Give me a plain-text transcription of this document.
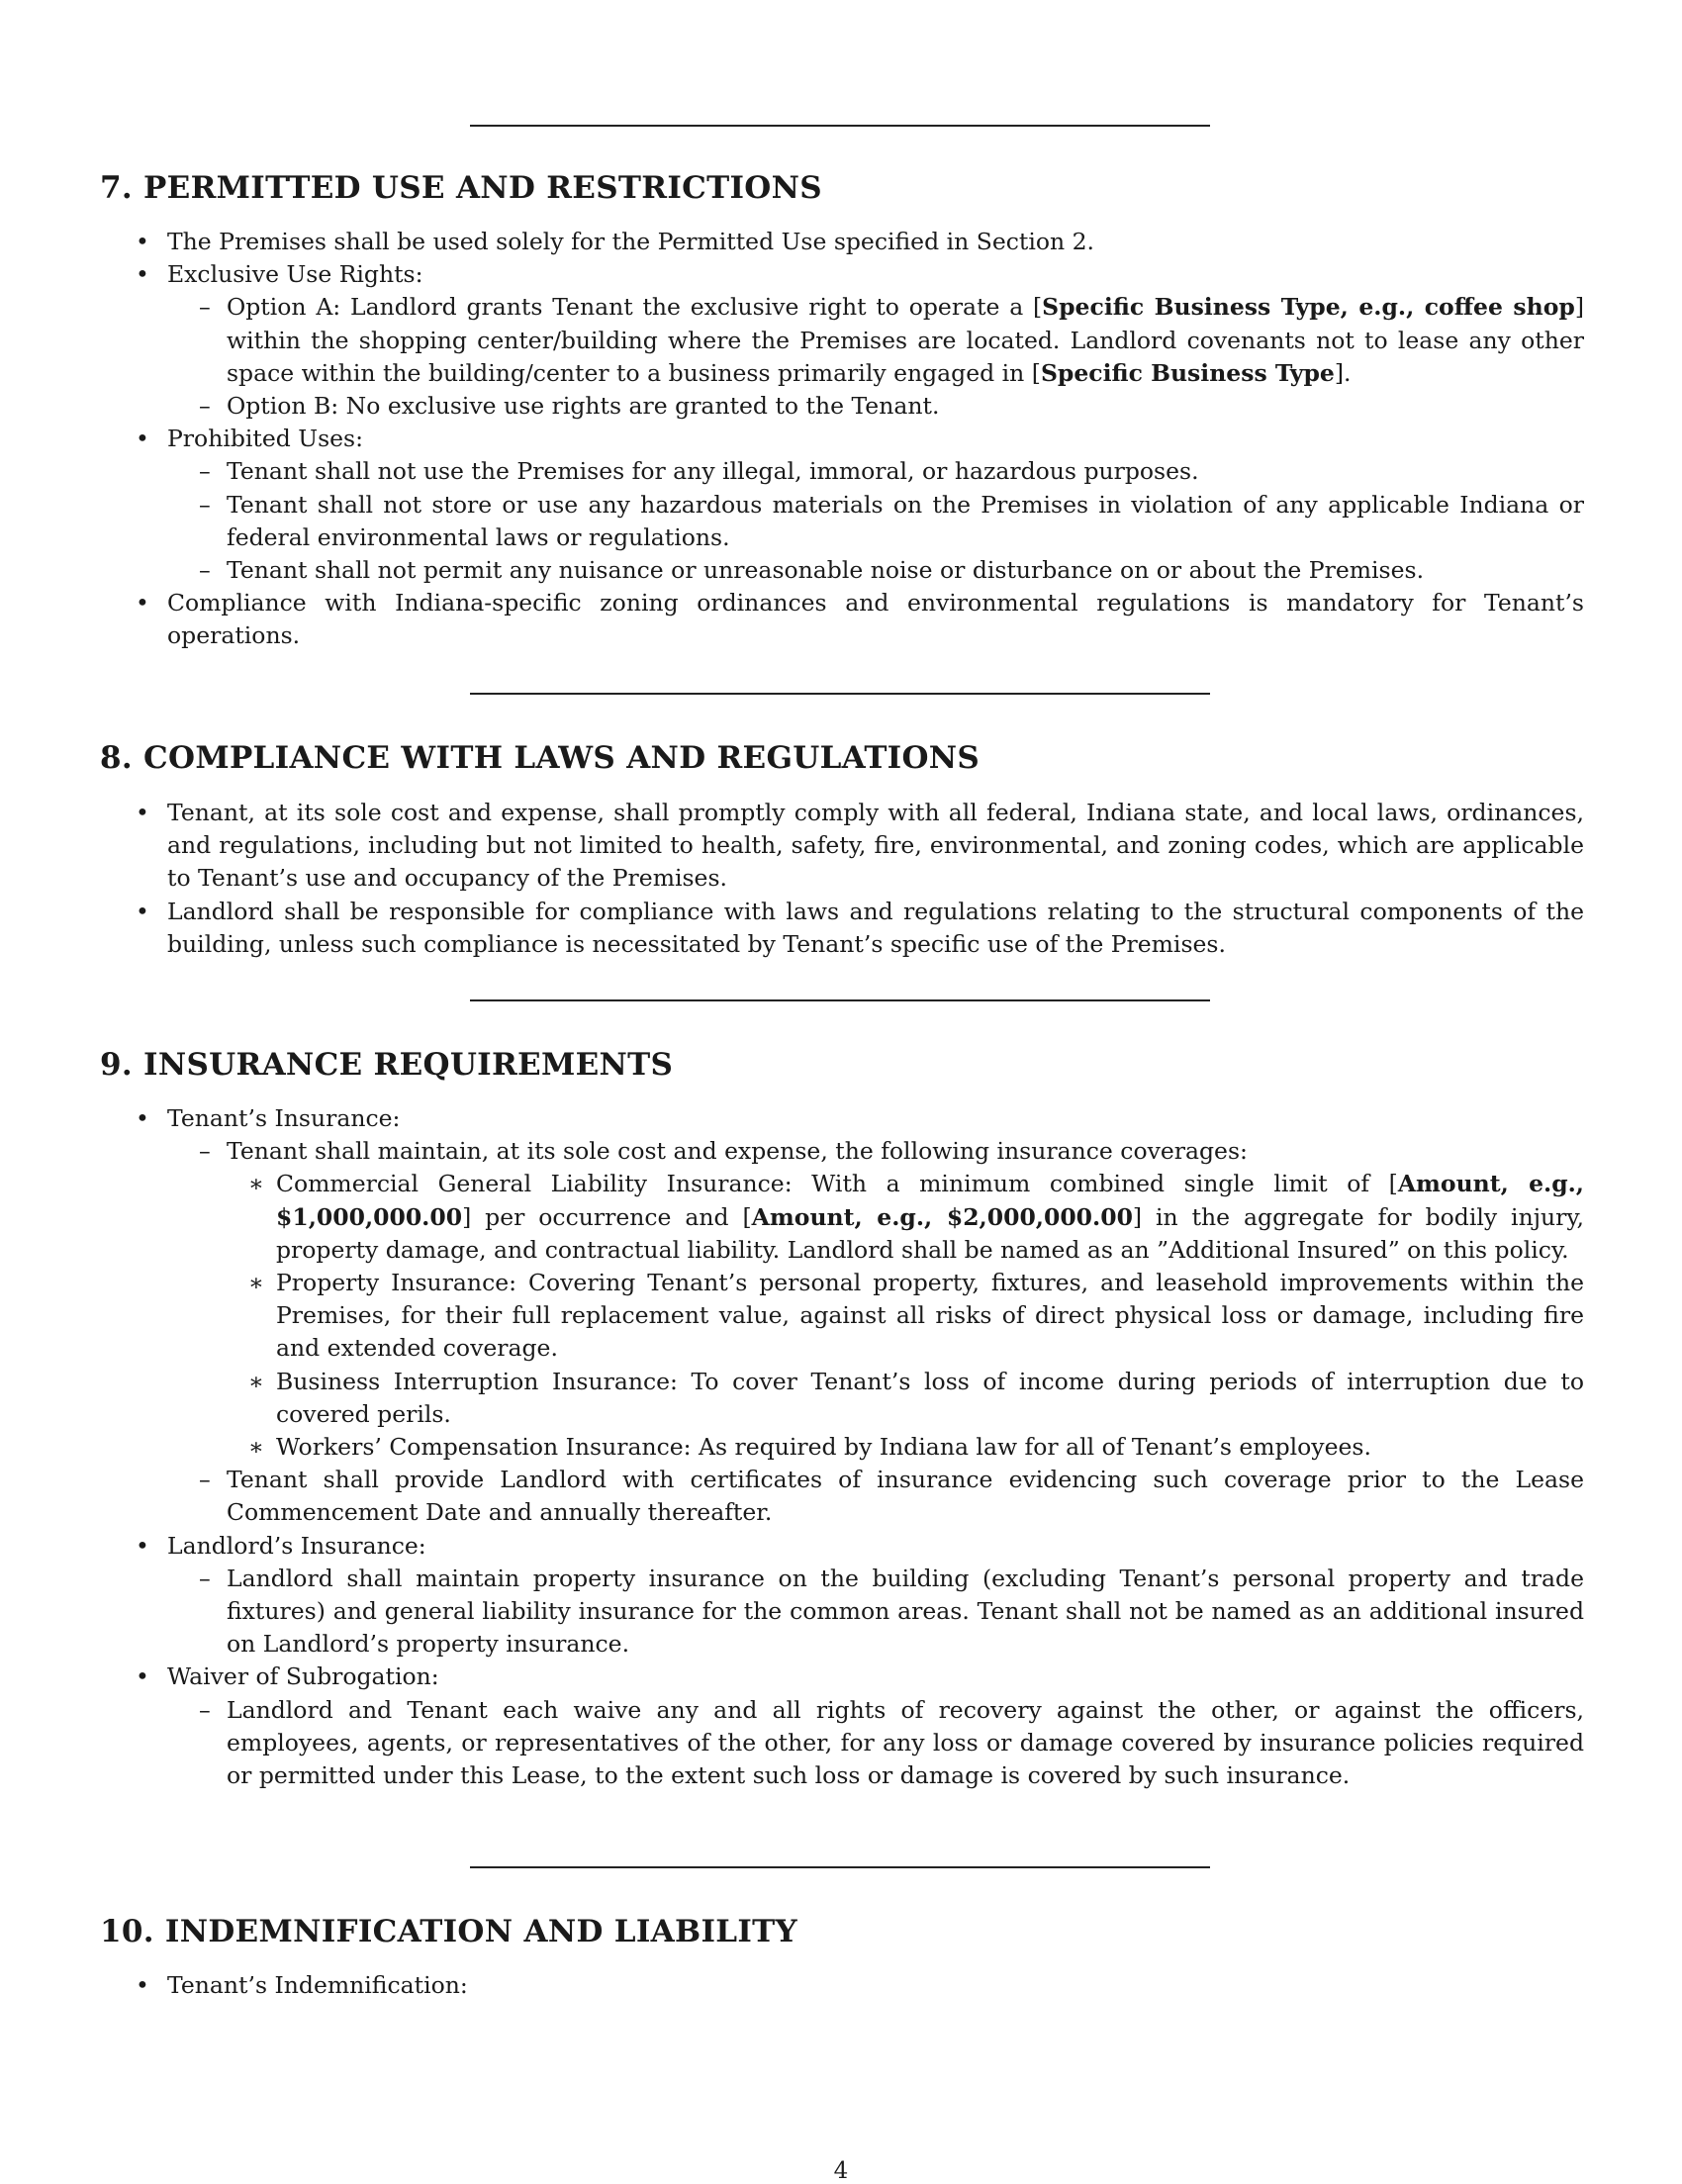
7. PERMITTED USE AND RESTRICTIONS
• The Premises shall be used solely for the Permitted Use specified in Section 2.
• Exclusive Use Rights:
– Option A: Landlord grants Tenant the exclusive right to operate a [Specific Business Type, e.g., coffee shop] within the shopping center/building where the Premises are located. Landlord covenants not to lease any other space within the building/center to a business primarily engaged in [Specific Business Type].
– Option B: No exclusive use rights are granted to the Tenant.
• Prohibited Uses:
– Tenant shall not use the Premises for any illegal, immoral, or hazardous purposes.
– Tenant shall not store or use any hazardous materials on the Premises in violation of any applicable Indiana or federal environmental laws or regulations.
– Tenant shall not permit any nuisance or unreasonable noise or disturbance on or about the Premises.
• Compliance with Indiana-specific zoning ordinances and environmental regulations is mandatory for Tenant’s operations.
8. COMPLIANCE WITH LAWS AND REGULATIONS
• Tenant, at its sole cost and expense, shall promptly comply with all federal, Indiana state, and local laws, ordinances, and regulations, including but not limited to health, safety, fire, environmental, and zoning codes, which are applicable to Tenant’s use and occupancy of the Premises.
• Landlord shall be responsible for compliance with laws and regulations relating to the structural components of the building, unless such compliance is necessitated by Tenant’s specific use of the Premises.
9. INSURANCE REQUIREMENTS
• Tenant’s Insurance:
– Tenant shall maintain, at its sole cost and expense, the following insurance coverages:
∗ Commercial General Liability Insurance: With a minimum combined single limit of [Amount, e.g., $1,000,000.00] per occurrence and [Amount, e.g., $2,000,000.00] in the aggregate for bodily injury, property damage, and contractual liability. Landlord shall be named as an ”Additional Insured” on this policy.
∗ Property Insurance: Covering Tenant’s personal property, fixtures, and leasehold improvements within the Premises, for their full replacement value, against all risks of direct physical loss or damage, including fire and extended coverage.
∗ Business Interruption Insurance: To cover Tenant’s loss of income during periods of interruption due to covered perils.
∗ Workers’ Compensation Insurance: As required by Indiana law for all of Tenant’s employees.
– Tenant shall provide Landlord with certificates of insurance evidencing such coverage prior to the Lease Commencement Date and annually thereafter.
• Landlord’s Insurance:
– Landlord shall maintain property insurance on the building (excluding Tenant’s personal property and trade fixtures) and general liability insurance for the common areas. Tenant shall not be named as an additional insured on Landlord’s property insurance.
• Waiver of Subrogation:
– Landlord and Tenant each waive any and all rights of recovery against the other, or against the officers, employees, agents, or representatives of the other, for any loss or damage covered by insurance policies required or permitted under this Lease, to the extent such loss or damage is covered by such insurance.
10. INDEMNIFICATION AND LIABILITY
• Tenant’s Indemnification:
4
